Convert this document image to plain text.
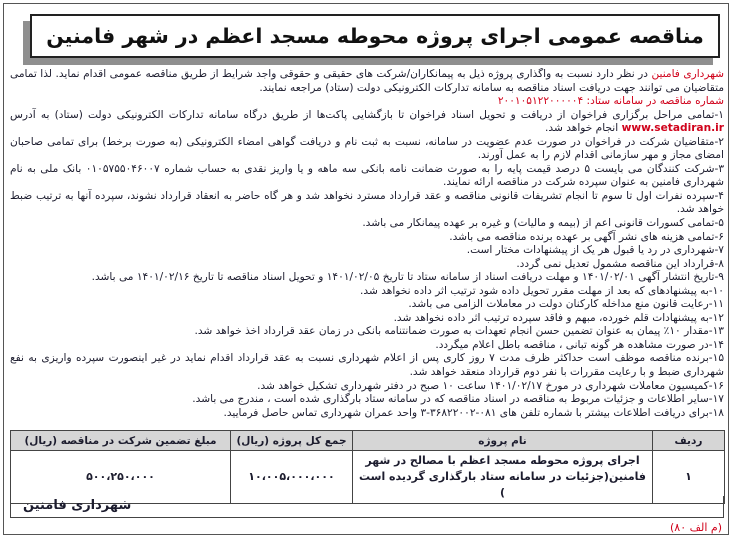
مناقصه عمومی اجرای پروژه محوطه مسجد اعظم در شهر فامنین

شهرداری فامنین در نظر دارد نسبت به واگذاری پروژه ذیل به پیمانکاران/شرکت های حقیقی و حقوقی واجد شرایط از طریق مناقصه عمومی اقدام نماید. لذا تمامی متقاضیان می توانند جهت دریافت اسناد مناقصه به سامانه تدارکات الکترونیکی دولت (ستاد) مراجعه نمایند.

شماره مناقصه در سامانه ستاد: ۲۰۰۱۰۵۱۲۲۰۰۰۰۰۴

۱-تمامی مراحل برگزاری فراخوان از دریافت و تحویل اسناد فراخوان تا بازگشایی پاکت‌ها از طریق درگاه سامانه تدارکات الکترونیکی دولت (ستاد) به آدرس www.setadiran.ir انجام خواهد شد.

۲-متقاضیان شرکت در فراخوان در صورت عدم عضویت در سامانه، نسبت به ثبت نام و دریافت گواهی امضاء الکترونیکی (به صورت برخط) برای تمامی صاحبان امضای مجاز و مهر سازمانی اقدام لازم را به عمل آورند.

۳-شرکت کنندگان می بایست ۵ درصد قیمت پایه را به صورت ضمانت نامه بانکی سه ماهه و یا واریز نقدی به حساب شماره ۰۱۰۵۷۵۵۰۴۶۰۰۷ بانک ملی به نام شهرداری فامنین به عنوان سپرده شرکت در مناقصه ارائه نمایند.

۴-سپرده نفرات اول تا سوم تا انجام تشریفات قانونی مناقصه و عقد قرارداد مسترد نخواهد شد و هر گاه حاضر به انعقاد قرارداد نشوند، سپرده آنها به ترتیب ضبط خواهد شد.

۵-تمامی کسورات قانونی اعم از (بیمه و مالیات) و غیره بر عهده پیمانکار می باشد.

۶-تمامی هزینه های نشر آگهی بر عهده برنده مناقصه می باشد.

۷-شهرداری در رد یا قبول هر یک از پیشنهادات مختار است.

۸-قرارداد این مناقصه مشمول تعدیل نمی گردد.

۹-تاریخ انتشار آگهی ۱۴۰۱/۰۲/۰۱ و مهلت دریافت اسناد از سامانه ستاد تا تاریخ ۱۴۰۱/۰۲/۰۵ و تحویل اسناد مناقصه تا تاریخ ۱۴۰۱/۰۲/۱۶ می باشد.

۱۰-به پیشنهادهای که بعد از مهلت مقرر تحویل داده شود ترتیب اثر داده نخواهد شد.

۱۱-رعایت قانون منع مداخله کارکنان دولت در معاملات الزامی می باشد.

۱۲-به پیشنهادات قلم خورده، مبهم و فاقد سپرده ترتیب اثر داده نخواهد شد.

۱۳-مقدار ۱۰٪ پیمان به عنوان تضمین حسن انجام تعهدات به صورت ضمانتنامه بانکی در زمان عقد قرارداد اخذ خواهد شد.

۱۴-در صورت مشاهده هر گونه تبانی ، مناقصه باطل اعلام میگردد.

۱۵-برنده مناقصه موظف است حداکثر ظرف مدت ۷ روز کاری پس از اعلام شهرداری نسبت به عقد قرارداد اقدام نماید در غیر اینصورت سپرده واریزی به نفع شهرداری ضبط و با رعایت مقررات با نفر دوم قرارداد منعقد خواهد شد.

۱۶-کمیسیون معاملات شهرداری در مورخ ۱۴۰۱/۰۲/۱۷ ساعت ۱۰ صبح در دفتر شهرداری تشکیل خواهد شد.

۱۷-سایر اطلاعات و جزئیات مربوط به مناقصه در اسناد مناقصه که در سامانه ستاد بارگذاری شده است ، مندرج می باشد.

۱۸-برای دریافت اطلاعات بیشتر با شماره تلفن های ۰۸۱-۳۶۸۲۲۰۰۲-۳ واحد عمران شهرداری تماس حاصل فرمایید.

ردیف	نام پروژه	جمع کل پروژه (ریال)	مبلغ تضمین شرکت در مناقصه (ریال)
۱	اجرای پروژه محوطه مسجد اعظم با مصالح در شهر فامنین(جزئیات در سامانه ستاد بارگذاری گردیده است )	۱۰،۰۰۵،۰۰۰،۰۰۰	۵۰۰،۲۵۰،۰۰۰
شهرداری فامنین
(م الف ۸۰)
